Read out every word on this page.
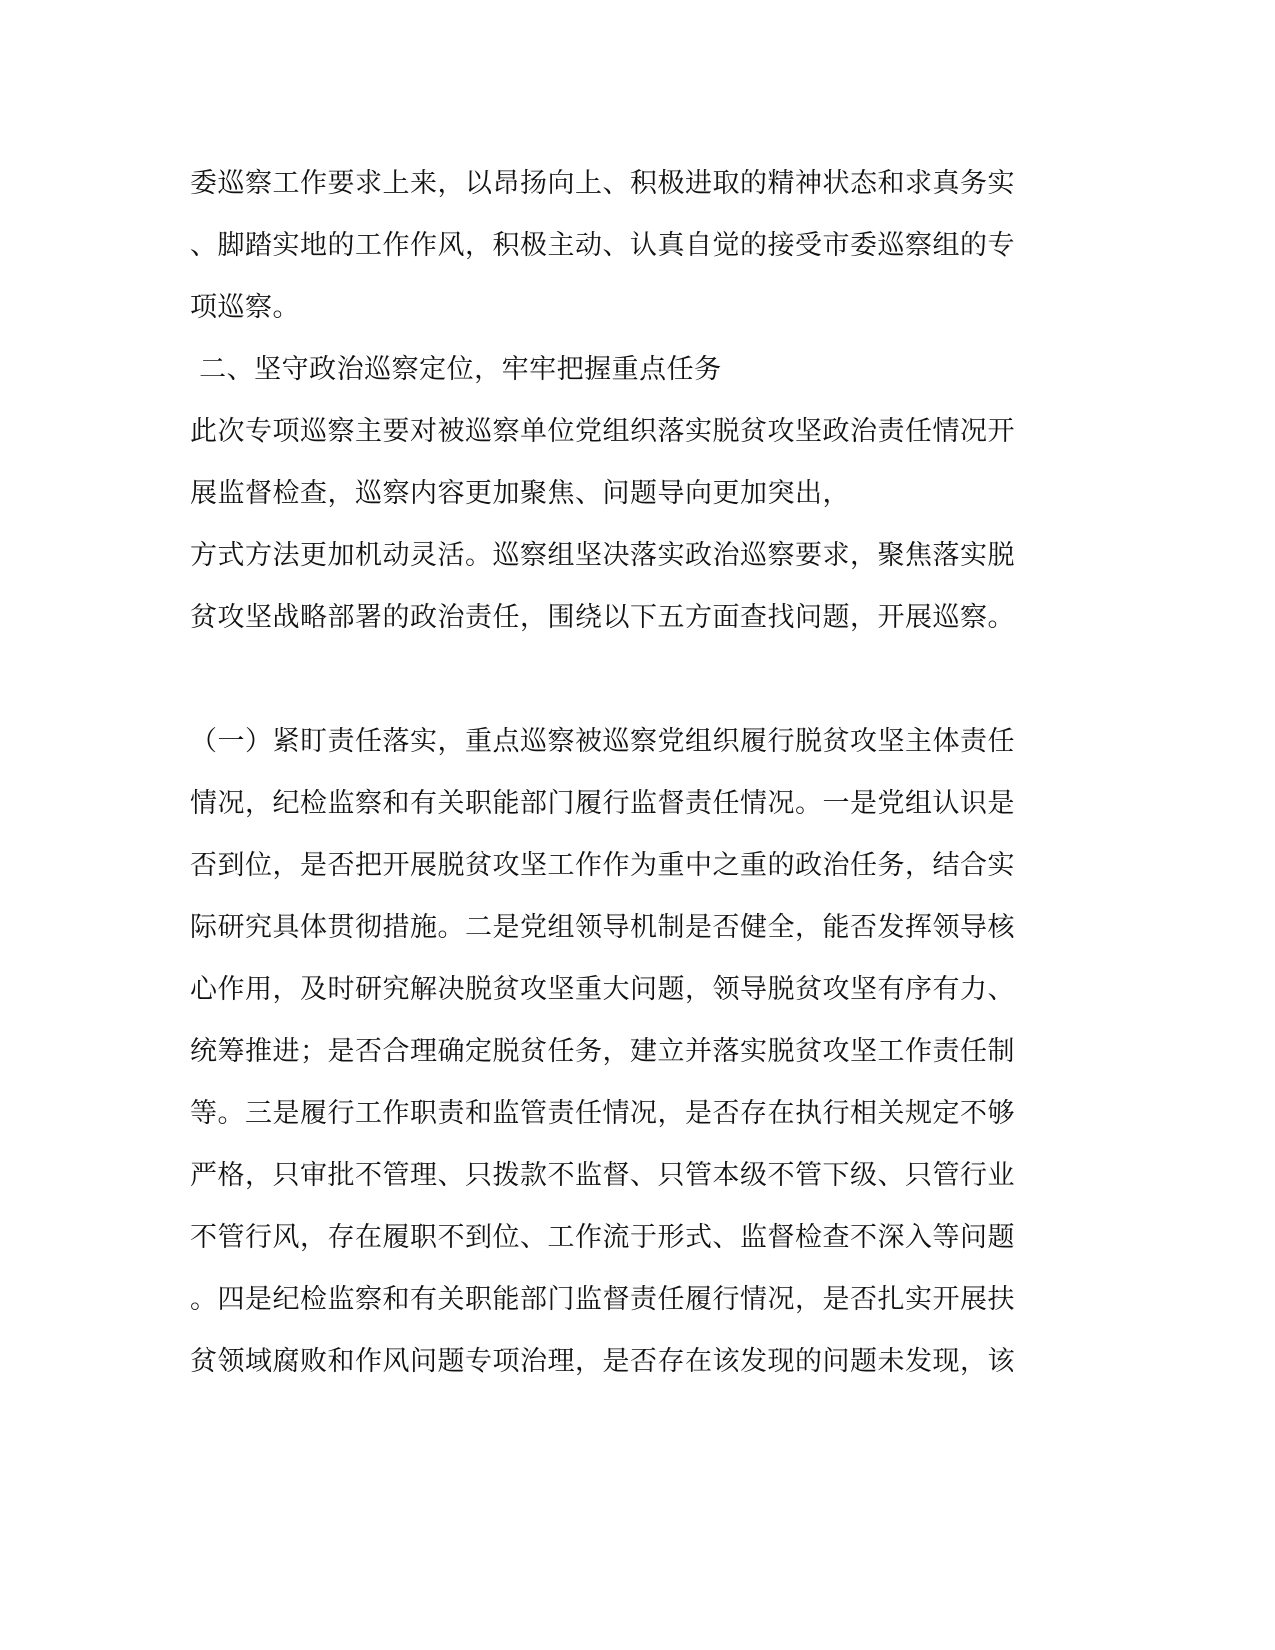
委巡察工作要求上来，以昂扬向上、积极进取的精神状态和求真务实
、脚踏实地的工作作风，积极主动、认真自觉的接受市委巡察组的专
项巡察。
二、坚守政治巡察定位，牢牢把握重点任务
此次专项巡察主要对被巡察单位党组织落实脱贫攻坚政治责任情况开
展监督检查，巡察内容更加聚焦、问题导向更加突出，
方式方法更加机动灵活。巡察组坚决落实政治巡察要求，聚焦落实脱
贫攻坚战略部署的政治责任，围绕以下五方面查找问题，开展巡察。
（一）紧盯责任落实，重点巡察被巡察党组织履行脱贫攻坚主体责任
情况，纪检监察和有关职能部门履行监督责任情况。一是党组认识是
否到位，是否把开展脱贫攻坚工作作为重中之重的政治任务，结合实
际研究具体贯彻措施。二是党组领导机制是否健全，能否发挥领导核
心作用，及时研究解决脱贫攻坚重大问题，领导脱贫攻坚有序有力、
统筹推进；是否合理确定脱贫任务，建立并落实脱贫攻坚工作责任制
等。三是履行工作职责和监管责任情况，是否存在执行相关规定不够
严格，只审批不管理、只拨款不监督、只管本级不管下级、只管行业
不管行风，存在履职不到位、工作流于形式、监督检查不深入等问题
。四是纪检监察和有关职能部门监督责任履行情况，是否扎实开展扶
贫领域腐败和作风问题专项治理，是否存在该发现的问题未发现，该
